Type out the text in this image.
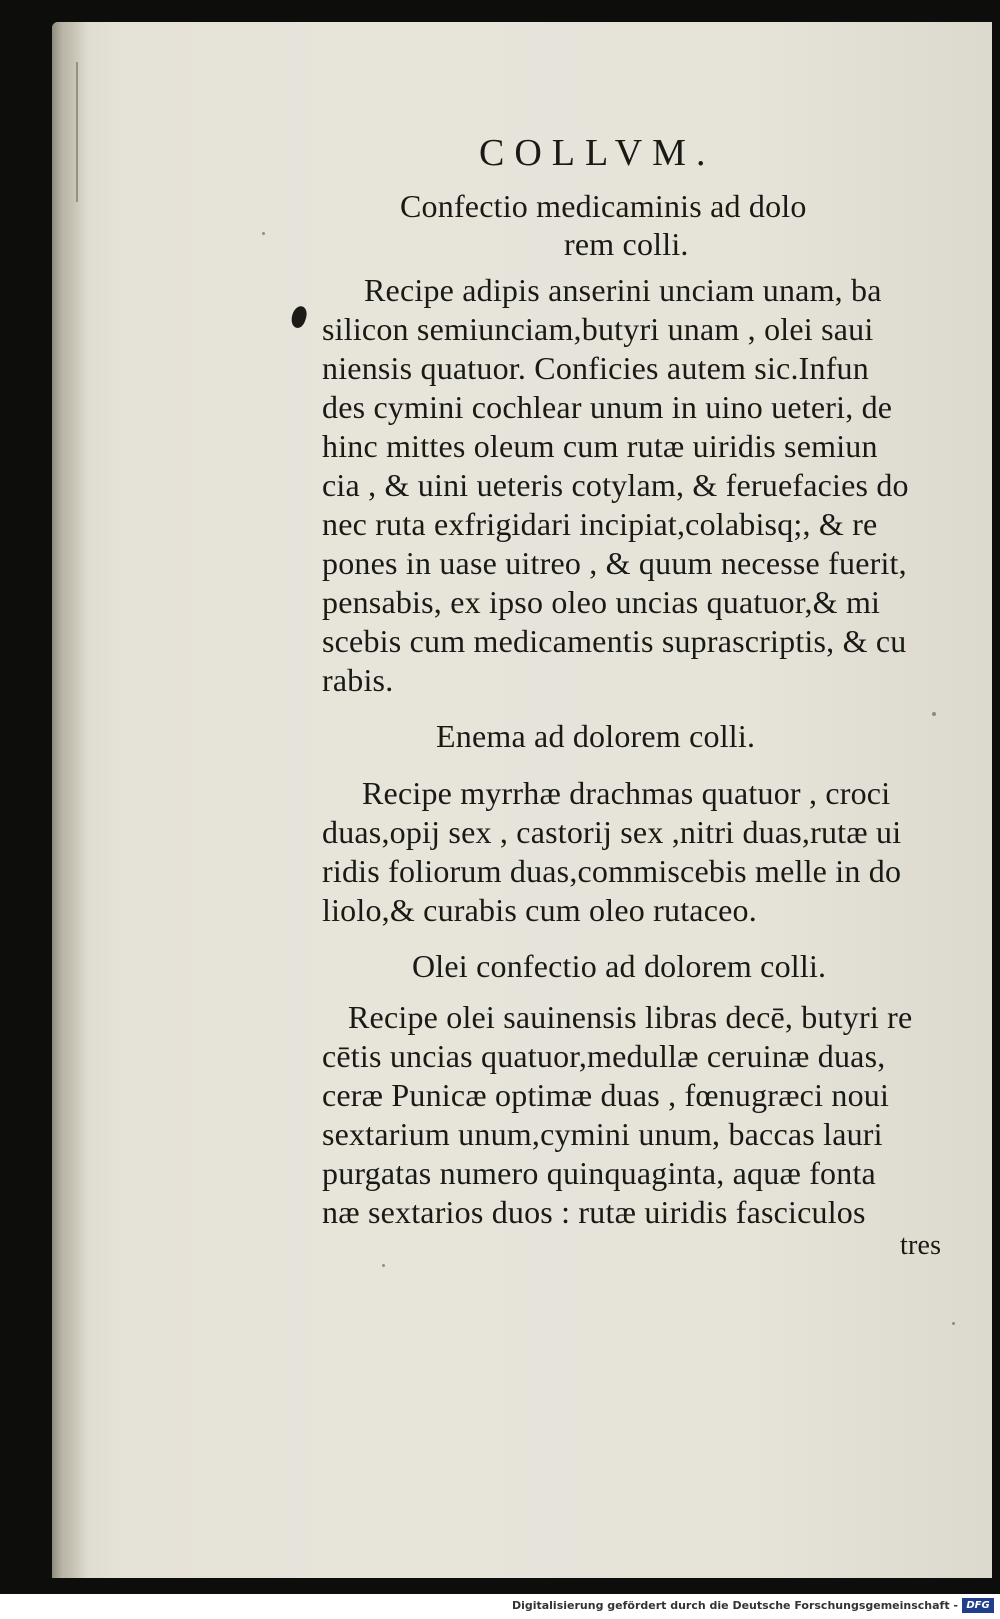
COLLVM.
Confectio medicaminis ad dolo
rem colli.
Recipe adipis anserini unciam unam, ba
silicon semiunciam,butyri unam , olei saui
niensis quatuor. Conficies autem sic.Infun
des cymini cochlear unum in uino ueteri, de
hinc mittes oleum cum rutæ uiridis semiun
cia , & uini ueteris cotylam, & feruefacies do
nec ruta exfrigidari incipiat,colabisq;, & re
pones in uase uitreo , & quum necesse fuerit,
pensabis, ex ipso oleo uncias quatuor,& mi
scebis cum medicamentis suprascriptis, & cu
rabis.
Enema ad dolorem colli.
Recipe myrrhæ drachmas quatuor , croci
duas,opij sex , castorij sex ,nitri duas,rutæ ui
ridis foliorum duas,commiscebis melle in do
liolo,& curabis cum oleo rutaceo.
Olei confectio ad dolorem colli.
Recipe olei sauinensis libras decē, butyri re
cētis uncias quatuor,medullæ ceruinæ duas,
ceræ Punicæ optimæ duas , fœnugræci noui
sextarium unum,cymini unum, baccas lauri
purgatas numero quinquaginta, aquæ fonta
næ sextarios duos : rutæ uiridis fasciculos
tres
Digitalisierung gefördert durch die Deutsche Forschungsgemeinschaft - DFG
